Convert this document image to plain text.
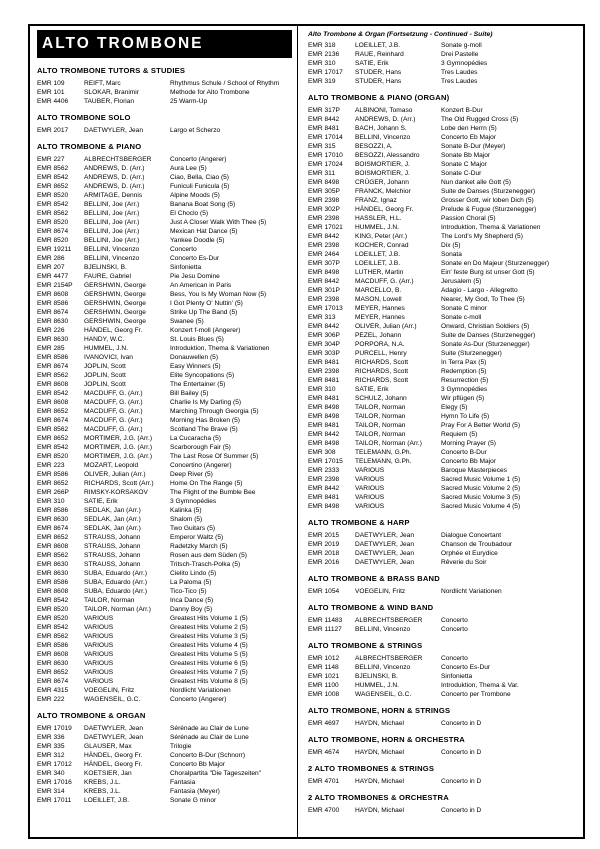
ALTO TROMBONE
ALTO TROMBONE TUTORS & STUDIES
EMR 109	REIFT, Marc	Rhythmus Schule / School of Rhythm
EMR 101	SLOKAR, Branimir	Methode for Alto Trombone
EMR 4406	TAUBER, Florian	25 Warm-Up
ALTO TROMBONE SOLO
EMR 2017	DAETWYLER, Jean	Largo et Scherzo
ALTO TROMBONE & PIANO
EMR 227	ALBRECHTSBERGER	Concerto (Angerer)
EMR 8562	ANDREWS, D. (Arr.)	Aura Lee (5)
EMR 8542	ANDREWS, D. (Arr.)	Ciao, Bella, Ciao (5)
EMR 8652	ANDREWS, D. (Arr.)	Funiculi Funicula (5)
EMR 8520	ARMITAGE, Dennis	Alpine Moods (5)
EMR 8542	BELLINI, Joe (Arr.)	Banana Boat Song (5)
EMR 8562	BELLINI, Joe (Arr.)	El Choclo (5)
EMR 8520	BELLINI, Joe (Arr.)	Just A Closer Walk With Thee (5)
EMR 8674	BELLINI, Joe (Arr.)	Mexican Hat Dance (5)
EMR 8520	BELLINI, Joe (Arr.)	Yankee Doodle (5)
EMR 19211	BELLINI, Vincenzo	Concerto
EMR 286	BELLINI, Vincenzo	Concerto Es-Dur
EMR 207	BJELINSKI, B.	Sinfonietta
EMR 4477	FAURE, Gabriel	Pie Jesu Domine
EMR 2154P	GERSHWIN, George	An American in Paris
EMR 8608	GERSHWIN, George	Bess, You Is My Woman Now (5)
EMR 8586	GERSHWIN, George	I Got Plenty O' Nuttin' (5)
EMR 8674	GERSHWIN, George	Strike Up The Band (5)
EMR 8630	GERSHWIN, George	Swanee (5)
EMR 226	HÄNDEL, Georg Fr.	Konzert f-moll (Angerer)
EMR 8630	HANDY, W.C.	St. Louis Blues (5)
EMR 285	HUMMEL, J.N.	Introduktion, Thema & Variationen
EMR 8586	IVANOVICI, Ivan	Donauwellen (5)
EMR 8674	JOPLIN, Scott	Easy Winners (5)
EMR 8562	JOPLIN, Scott	Elite Syncopations (5)
EMR 8608	JOPLIN, Scott	The Entertainer (5)
EMR 8542	MACDUFF, G. (Arr.)	Bill Bailey (5)
EMR 8608	MACDUFF, G. (Arr.)	Charlie Is My Darling (5)
EMR 8652	MACDUFF, G. (Arr.)	Marching Through Georgia (5)
EMR 8674	MACDUFF, G. (Arr.)	Morning Has Broken (5)
EMR 8562	MACDUFF, G. (Arr.)	Scotland The Brave (5)
EMR 8652	MORTIMER, J.G. (Arr.)	La Cucaracha (5)
EMR 8542	MORTIMER, J.G. (Arr.)	Scarborough Fair (5)
EMR 8520	MORTIMER, J.G. (Arr.)	The Last Rose Of Summer (5)
EMR 223	MOZART, Leopold	Concertino (Angerer)
EMR 8586	OLIVER, Julian (Arr.)	Deep River (5)
EMR 8652	RICHARDS, Scott (Arr.)	Home On The Range (5)
EMR 266P	RIMSKY-KORSAKOV	The Flight of the Bumble Bee
EMR 310	SATIE, Erik	3 Gymnopédies
EMR 8586	SEDLAK, Jan (Arr.)	Kalinka (5)
EMR 8630	SEDLAK, Jan (Arr.)	Shalom (5)
EMR 8674	SEDLAK, Jan (Arr.)	Two Guitars (5)
EMR 8652	STRAUSS, Johann	Emperor Waltz (5)
EMR 8608	STRAUSS, Johann	Radetzky March (5)
EMR 8562	STRAUSS, Johann	Rosen aus dem Süden (5)
EMR 8630	STRAUSS, Johann	Tritsch-Trasch-Polka (5)
EMR 8630	SUBA, Eduardo (Arr.)	Cielito Lindo (5)
EMR 8586	SUBA, Eduardo (Arr.)	La Paloma (5)
EMR 8608	SUBA, Eduardo (Arr.)	Tico-Tico (5)
EMR 8542	TAILOR, Norman	Inca Dance (5)
EMR 8520	TAILOR, Norman (Arr.)	Danny Boy (5)
EMR 8520	VARIOUS	Greatest Hits Volume 1 (5)
EMR 8542	VARIOUS	Greatest Hits Volume 2 (5)
EMR 8562	VARIOUS	Greatest Hits Volume 3 (5)
EMR 8586	VARIOUS	Greatest Hits Volume 4 (5)
EMR 8608	VARIOUS	Greatest Hits Volume 5 (5)
EMR 8630	VARIOUS	Greatest Hits Volume 6 (5)
EMR 8652	VARIOUS	Greatest Hits Volume 7 (5)
EMR 8674	VARIOUS	Greatest Hits Volume 8 (5)
EMR 4315	VOEGELIN, Fritz	Nordlicht Variationen
EMR 222	WAGENSEIL, G.C.	Concerto (Angerer)
ALTO TROMBONE & ORGAN
EMR 17019	DAETWYLER, Jean	Sérénade au Clair de Lune
EMR 336	DAETWYLER, Jean	Sérénade au Clair de Lune
EMR 335	GLAUSER, Max	Trilogie
EMR 312	HÄNDEL, Georg Fr.	Concerto B-Dur (Schnorr)
EMR 17012	HÄNDEL, Georg Fr.	Concerto Bb Major
EMR 340	KOETSIER, Jan	Choralpartita "Die Tageszeiten"
EMR 17016	KREBS, J.L.	Fantasia
EMR 314	KREBS, J.L.	Fantasia (Meyer)
EMR 17011	LOEILLET, J.B.	Sonate G minor
Alto Trombone & Organ (Fortsetzung - Continued - Suite)
EMR 318	LOEILLET, J.B.	Sonate g-moll
EMR 2136	RAUE, Reinhard	Drei Pastelle
EMR 310	SATIE, Erik	3 Gymnopédies
EMR 17017	STUDER, Hans	Tres Laudes
EMR 319	STUDER, Hans	Tres Laudes
ALTO TROMBONE & PIANO (ORGAN)
EMR 317P	ALBINONI, Tomaso	Konzert B-Dur
EMR 8442	ANDREWS, D. (Arr.)	The Old Rugged Cross (5)
EMR 8481	BACH, Johann S.	Lobe den Herrn (5)
EMR 17014	BELLINI, Vincenzo	Concerto Eb Major
EMR 315	BESOZZI, A.	Sonate B-Dur (Meyer)
EMR 17010	BESOZZI, Alessandro	Sonate Bb Major
EMR 17024	BOISMORTIER, J.	Sonate C Major
EMR 311	BOISMORTIER, J.	Sonate C-Dur
EMR 8498	CRÜGER, Johann	Nun danket alle Gott (5)
EMR 305P	FRANCK, Melchior	Suite de Danses (Sturzenegger)
EMR 2398	FRANZ, Ignaz	Grosser Gott, wir loben Dich (5)
EMR 302P	HÄNDEL, Georg Fr.	Prelude & Fugue (Sturzenegger)
EMR 2398	HASSLER, H.L.	Passion Choral (5)
EMR 17021	HUMMEL, J.N.	Introduktion, Thema & Variationen
EMR 8442	KING, Peter (Arr.)	The Lord's My Shepherd (5)
EMR 2398	KOCHER, Conrad	Dix (5)
EMR 2464	LOEILLET, J.B.	Sonata
EMR 307P	LOEILLET, J.B.	Sonate en Do Majeur (Sturzenegger)
EMR 8498	LUTHER, Martin	Ein' feste Burg ist unser Gott (5)
EMR 8442	MACDUFF, G. (Arr.)	Jerusalem (5)
EMR 301P	MARCELLO, B.	Adagio - Largo - Allegretto
EMR 2398	MASON, Lowell	Nearer, My God, To Thee (5)
EMR 17013	MEYER, Hannes	Sonate C minor
EMR 313	MEYER, Hannes	Sonate c-moll
EMR 8442	OLIVER, Julian (Arr.)	Onward, Christian Soldiers (5)
EMR 306P	PEZEL, Johann	Suite de Danses (Sturzenegger)
EMR 304P	PORPORA, N.A.	Sonate As-Dur (Sturzenegger)
EMR 303P	PURCELL, Henry	Suite (Sturzenegger)
EMR 8481	RICHARDS, Scott	In Terra Pax (5)
EMR 2398	RICHARDS, Scott	Redemption (5)
EMR 8481	RICHARDS, Scott	Resurrection (5)
EMR 310	SATIE, Erik	3 Gymnopédies
EMR 8481	SCHULZ, Johann	Wir pflügen (5)
EMR 8498	TAILOR, Norman	Elegy (5)
EMR 8498	TAILOR, Norman	Hymn To Life (5)
EMR 8481	TAILOR, Norman	Pray For A Better World (5)
EMR 8442	TAILOR, Norman	Requiem (5)
EMR 8498	TAILOR, Norman (Arr.)	Morning Prayer (5)
EMR 308	TELEMANN, G.Ph.	Concerto B-Dur
EMR 17015	TELEMANN, G.Ph.	Concerto Bb Major
EMR 2333	VARIOUS	Baroque Masterpieces
EMR 2398	VARIOUS	Sacred Music Volume 1 (5)
EMR 8442	VARIOUS	Sacred Music Volume 2 (5)
EMR 8481	VARIOUS	Sacred Music Volume 3 (5)
EMR 8498	VARIOUS	Sacred Music Volume 4 (5)
ALTO TROMBONE & HARP
EMR 2015	DAETWYLER, Jean	Dialogue Concertant
EMR 2019	DAETWYLER, Jean	Chanson de Troubadour
EMR 2018	DAETWYLER, Jean	Orphée et Eurydice
EMR 2016	DAETWYLER, Jean	Rêverie du Soir
ALTO TROMBONE & BRASS BAND
EMR 1054	VOEGELIN, Fritz	Nordlicht Variationen
ALTO TROMBONE & WIND BAND
EMR 11483	ALBRECHTSBERGER	Concerto
EMR 11127	BELLINI, Vincenzo	Concerto
ALTO TROMBONE & STRINGS
EMR 1012	ALBRECHTSBERGER	Concerto
EMR 1148	BELLINI, Vincenzo	Concerto Es-Dur
EMR 1021	BJELINSKI, B.	Sinfonietta
EMR 1100	HUMMEL, J.N.	Introduktion, Thema & Var.
EMR 1008	WAGENSEIL, G.C.	Concerto per Trombone
ALTO TROMBONE, HORN & STRINGS
EMR 4697	HAYDN, Michael	Concerto in D
ALTO TROMBONE, HORN & ORCHESTRA
EMR 4674	HAYDN, Michael	Concerto in D
2 ALTO TROMBONES & STRINGS
EMR 4701	HAYDN, Michael	Concerto in D
2 ALTO TROMBONES & ORCHESTRA
EMR 4700	HAYDN, Michael	Concerto in D
